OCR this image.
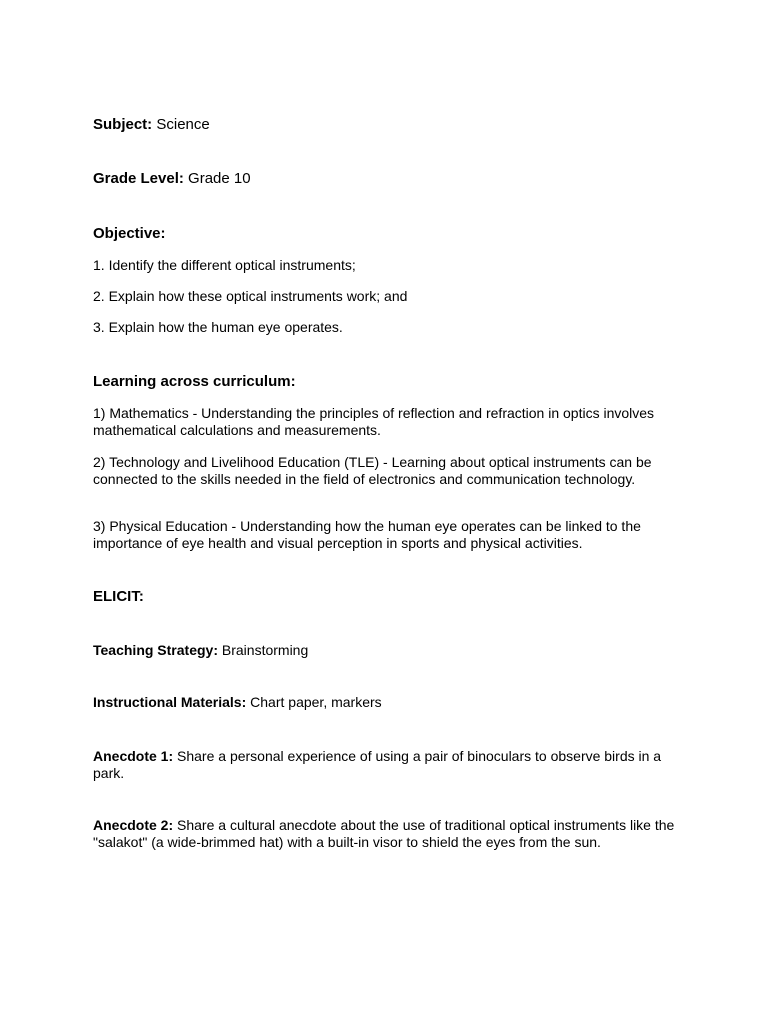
Subject: Science

Grade Level: Grade 10

Objective:

1. Identify the different optical instruments;

2. Explain how these optical instruments work; and

3. Explain how the human eye operates.

Learning across curriculum:

1) Mathematics - Understanding the principles of reflection and refraction in optics involves mathematical calculations and measurements.

2) Technology and Livelihood Education (TLE) - Learning about optical instruments can be connected to the skills needed in the field of electronics and communication technology.

3) Physical Education - Understanding how the human eye operates can be linked to the importance of eye health and visual perception in sports and physical activities.

ELICIT:

Teaching Strategy: Brainstorming

Instructional Materials: Chart paper, markers

Anecdote 1: Share a personal experience of using a pair of binoculars to observe birds in a park.

Anecdote 2: Share a cultural anecdote about the use of traditional optical instruments like the "salakot" (a wide-brimmed hat) with a built-in visor to shield the eyes from the sun.
